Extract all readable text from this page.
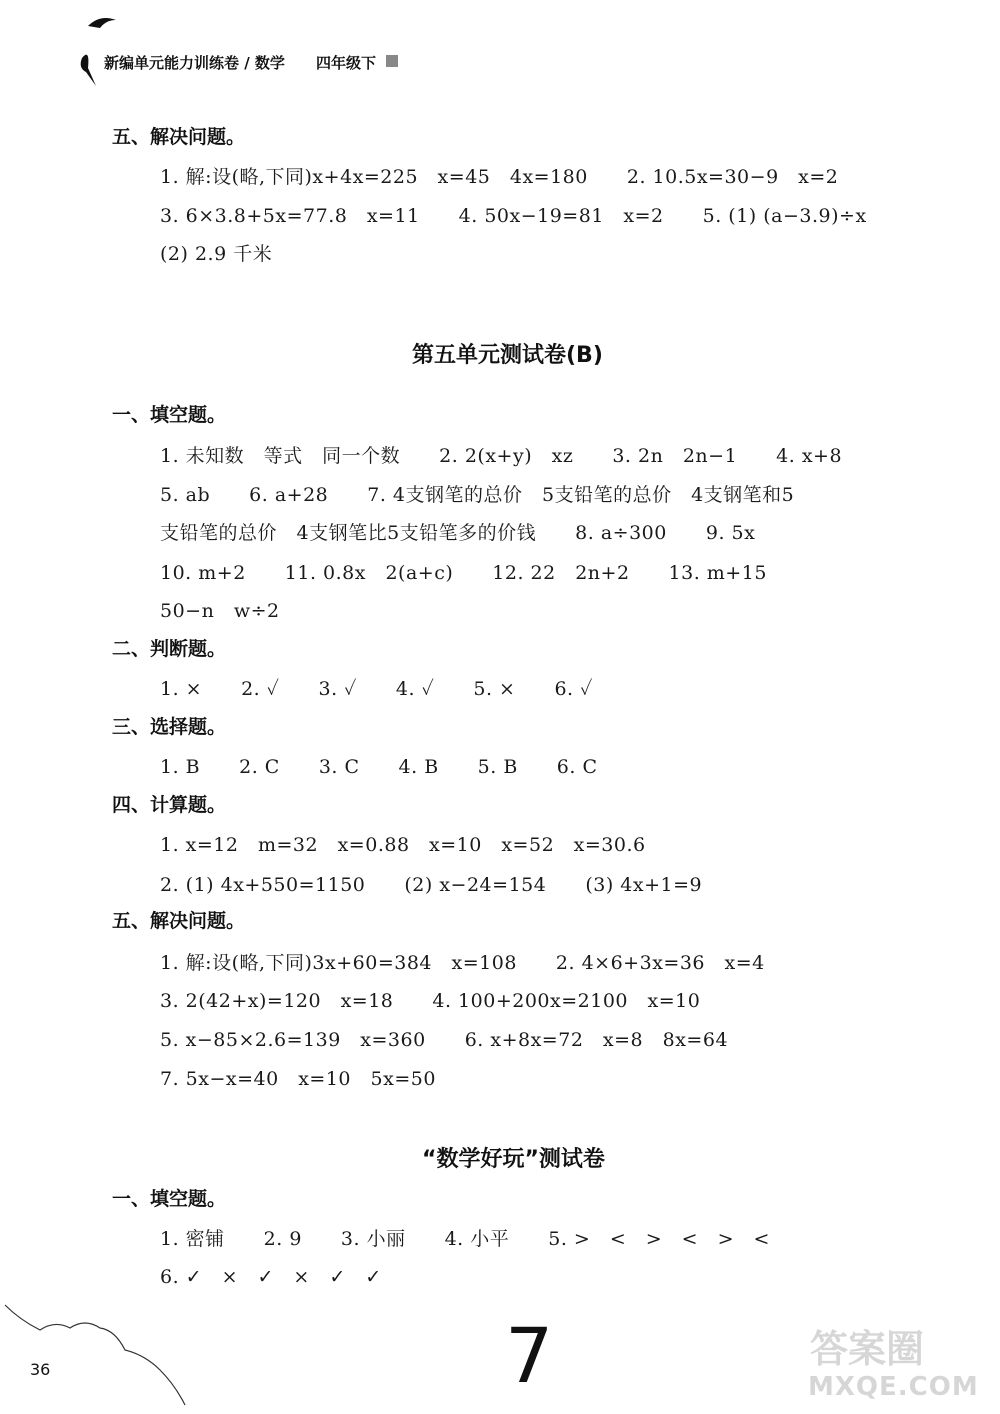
新编单元能力训练卷 / 数学 四年级下
五、解决问题。
1. 解:设(略,下同)x+4x=225　x=45　4x=180　　2. 10.5x=30−9　x=2
3. 6×3.8+5x=77.8　x=11　　4. 50x−19=81　x=2　　5. (1) (a−3.9)÷x
(2) 2.9 千米
第五单元测试卷(B)
一、填空题。
1. 未知数　等式　同一个数　　2. 2(x+y)　xz　　3. 2n　2n−1　　4. x+8
5. ab　　6. a+28　　7. 4支钢笔的总价　5支铅笔的总价　4支钢笔和5
支铅笔的总价　4支钢笔比5支铅笔多的价钱　　8. a÷300　　9. 5x
10. m+2　　11. 0.8x　2(a+c)　　12. 22　2n+2　　13. m+15
50−n　w÷2
二、判断题。
1. ×　　2. ✓　　3. ✓　　4. ✓　　5. ×　　6. ✓
三、选择题。
1. B　　2. C　　3. C　　4. B　　5. B　　6. C
四、计算题。
1. x=12　m=32　x=0.88　x=10　x=52　x=30.6
2. (1) 4x+550=1150　　(2) x−24=154　　(3) 4x+1=9
五、解决问题。
1. 解:设(略,下同)3x+60=384　x=108　　2. 4×6+3x=36　x=4
3. 2(42+x)=120　x=18　　4. 100+200x=2100　x=10
5. x−85×2.6=139　x=360　　6. x+8x=72　x=8　8x=64
7. 5x−x=40　x=10　5x=50
“数学好玩”测试卷
一、填空题。
1. 密铺　　2. 9　　3. 小丽　　4. 小平　　5. >　<　>　<　>　<
6. ✓　×　✓　×　✓　✓
36	7	答案圈
MXQE.COM
